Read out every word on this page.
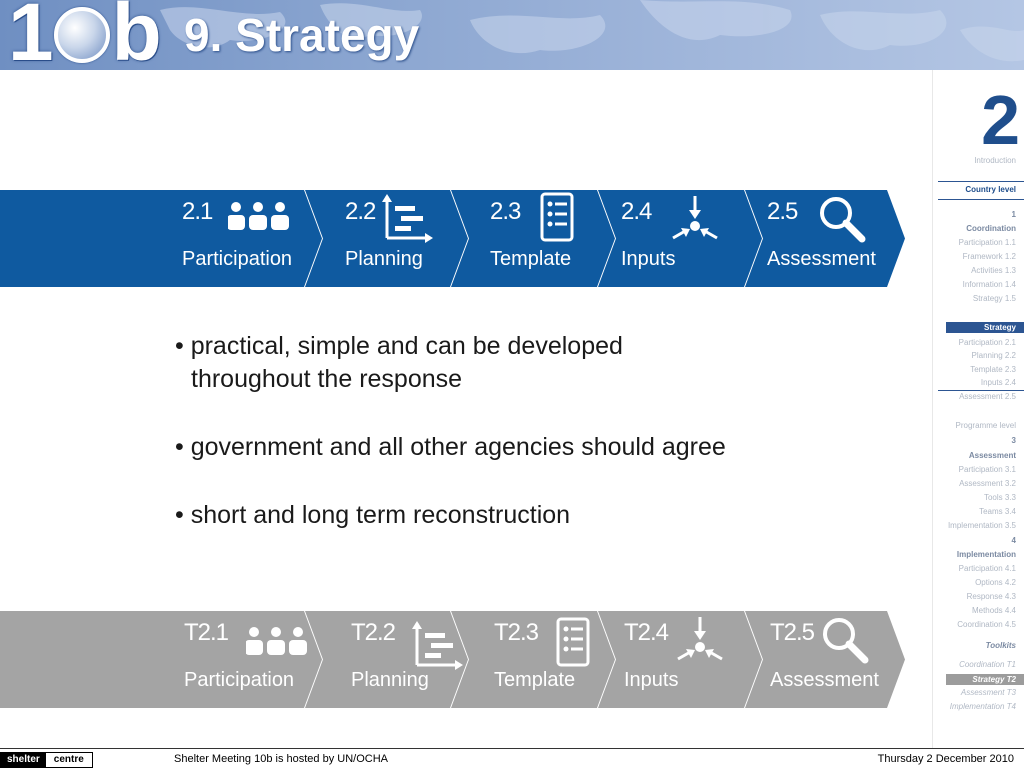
1 b 9. Strategy
2
Introduction
Country level
1
Coordination
Participation 1.1
Framework 1.2
Activities 1.3
Information 1.4
Strategy 1.5
Strategy
Participation 2.1
Planning 2.2
Template 2.3
Inputs 2.4
Assessment 2.5
Programme level
3
Assessment
Participation 3.1
Assessment 3.2
Tools 3.3
Teams 3.4
Implementation 3.5
4
Implementation
Participation 4.1
Options 4.2
Response 4.3
Methods 4.4
Coordination 4.5
Toolkits
Coordination T1
Strategy T2
Assessment T3
Implementation T4
2.1
Participation
2.2
Planning
2.3
Template
2.4
Inputs
2.5
Assessment
• practical, simple and can be developed
throughout the response
• government and all other agencies should agree
• short and long term reconstruction
T2.1
Participation
T2.2
Planning
T2.3
Template
T2.4
Inputs
T2.5
Assessment
shelter	centre	Shelter Meeting 10b is hosted by UN/OCHA	Thursday 2 December 2010
